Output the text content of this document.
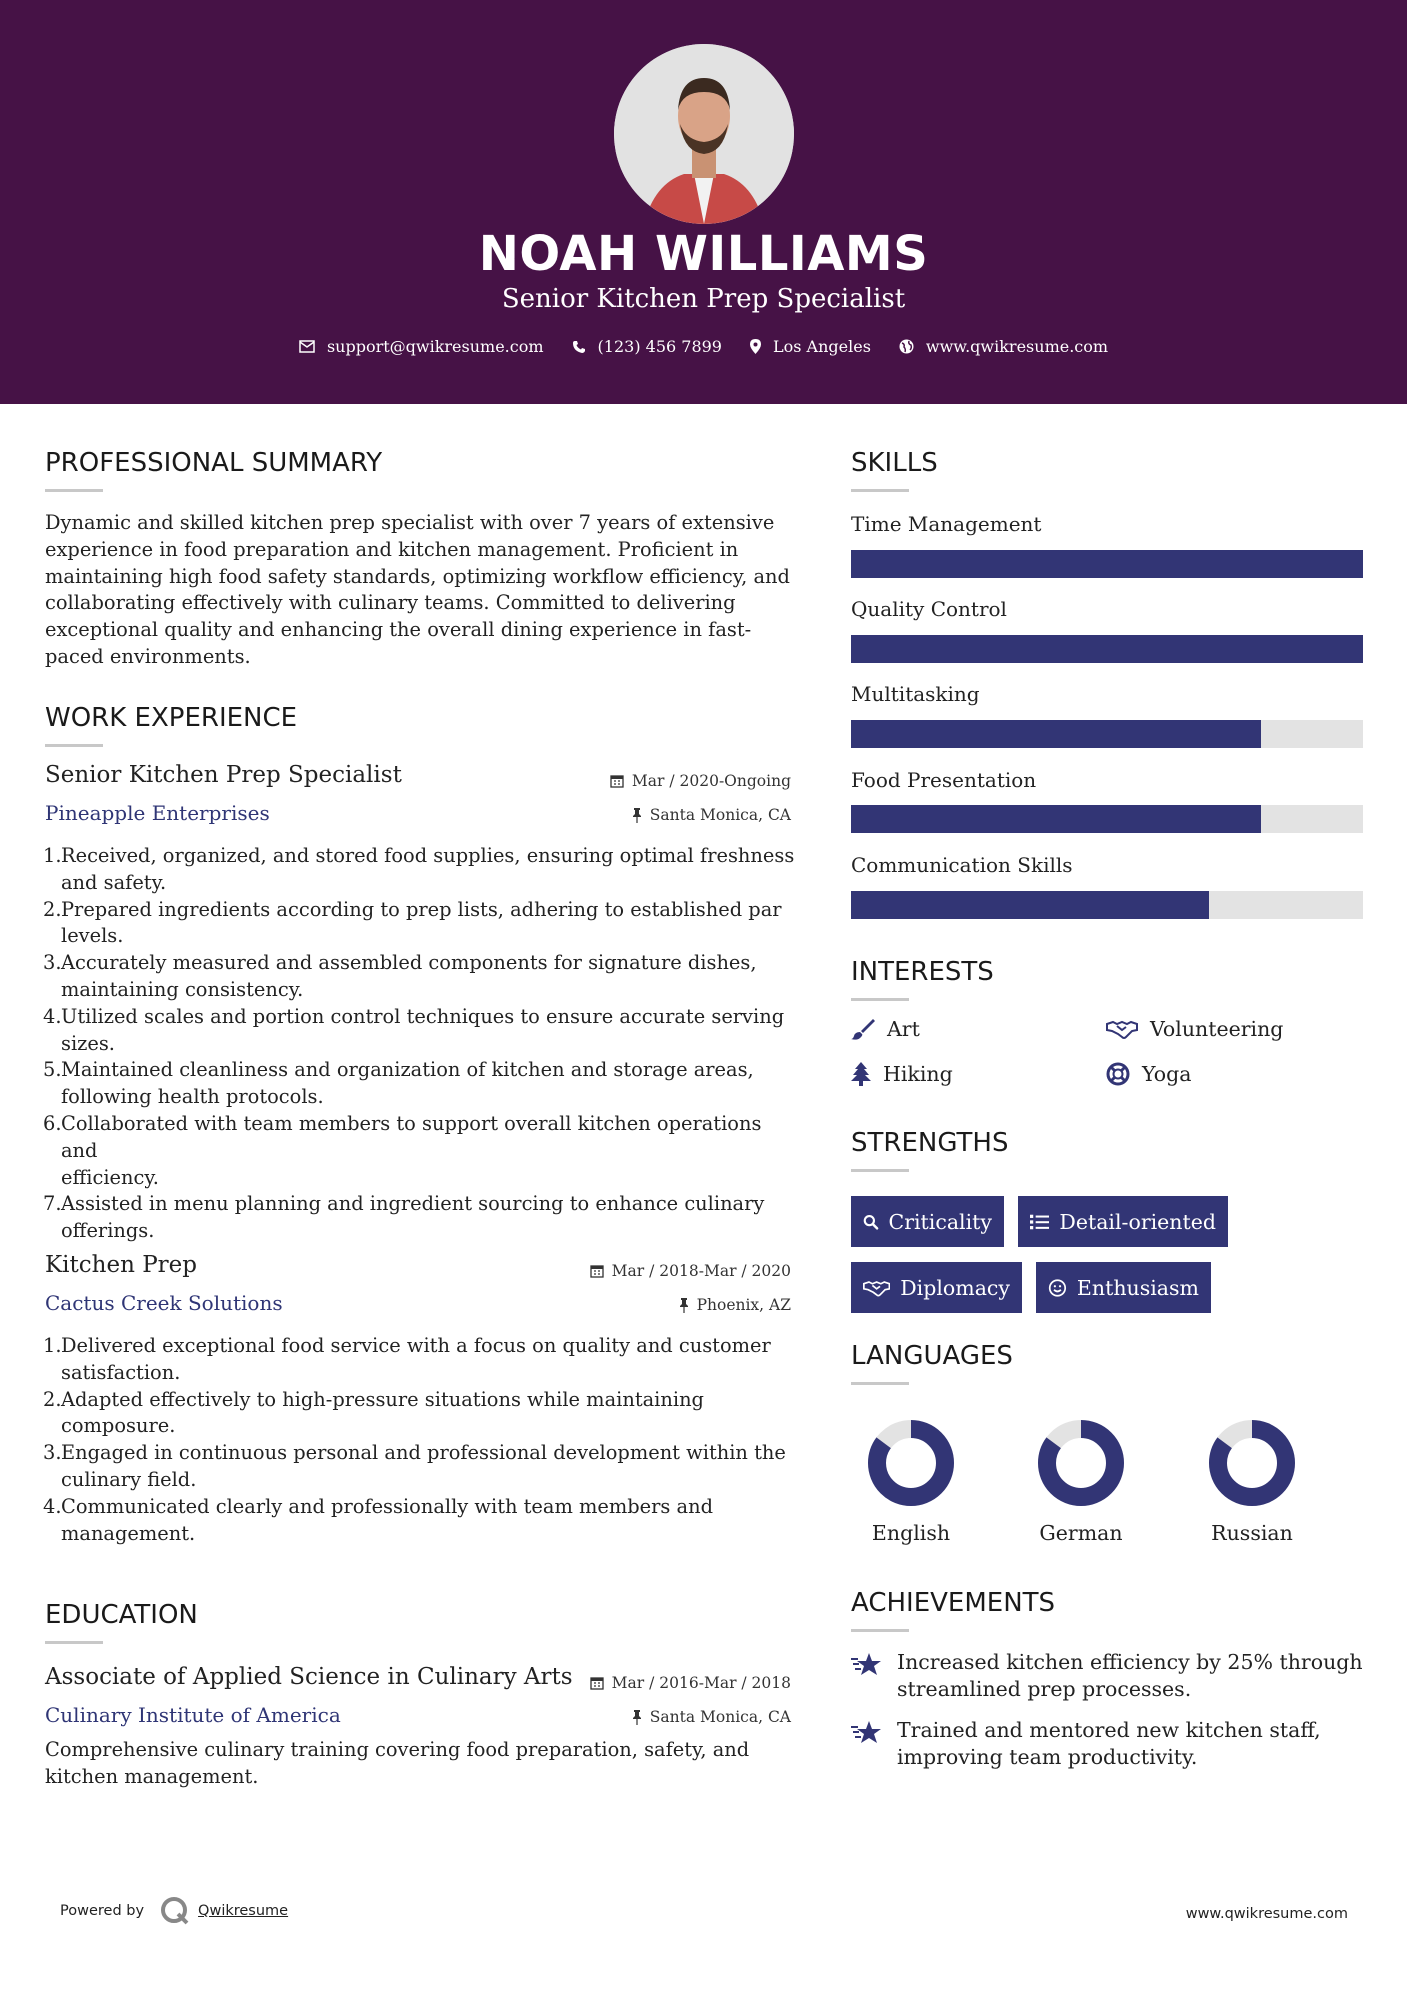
NOAH WILLIAMS
Senior Kitchen Prep Specialist
support@qwikresume.com	(123) 456 7899	Los Angeles	www.qwikresume.com
PROFESSIONAL SUMMARY
Dynamic and skilled kitchen prep specialist with over 7 years of extensive
experience in food preparation and kitchen management. Proficient in
maintaining high food safety standards, optimizing workflow efficiency, and
collaborating effectively with culinary teams. Committed to delivering
exceptional quality and enhancing the overall dining experience in fast-
paced environments.
WORK EXPERIENCE
Senior Kitchen Prep Specialist	Mar / 2020-Ongoing
Pineapple Enterprises	Santa Monica, CA
1. Received, organized, and stored food supplies, ensuring optimal freshness
and safety.
2. Prepared ingredients according to prep lists, adhering to established par
levels.
3. Accurately measured and assembled components for signature dishes,
maintaining consistency.
4. Utilized scales and portion control techniques to ensure accurate serving
sizes.
5. Maintained cleanliness and organization of kitchen and storage areas,
following health protocols.
6. Collaborated with team members to support overall kitchen operations and
efficiency.
7. Assisted in menu planning and ingredient sourcing to enhance culinary
offerings.
Kitchen Prep	Mar / 2018-Mar / 2020
Cactus Creek Solutions	Phoenix, AZ
1. Delivered exceptional food service with a focus on quality and customer
satisfaction.
2. Adapted effectively to high-pressure situations while maintaining
composure.
3. Engaged in continuous personal and professional development within the
culinary field.
4. Communicated clearly and professionally with team members and
management.
EDUCATION
Associate of Applied Science in Culinary Arts	Mar / 2016-Mar / 2018
Culinary Institute of America	Santa Monica, CA
Comprehensive culinary training covering food preparation, safety, and
kitchen management.
SKILLS
Time Management
Quality Control
Multitasking
Food Presentation
Communication Skills
INTERESTS
Art	Volunteering
Hiking	Yoga
STRENGTHS
Criticality	Detail-oriented
Diplomacy	Enthusiasm
LANGUAGES
English	German	Russian
ACHIEVEMENTS
Increased kitchen efficiency by 25% through
streamlined prep processes.
Trained and mentored new kitchen staff,
improving team productivity.
Powered by	Qwikresume	www.qwikresume.com
